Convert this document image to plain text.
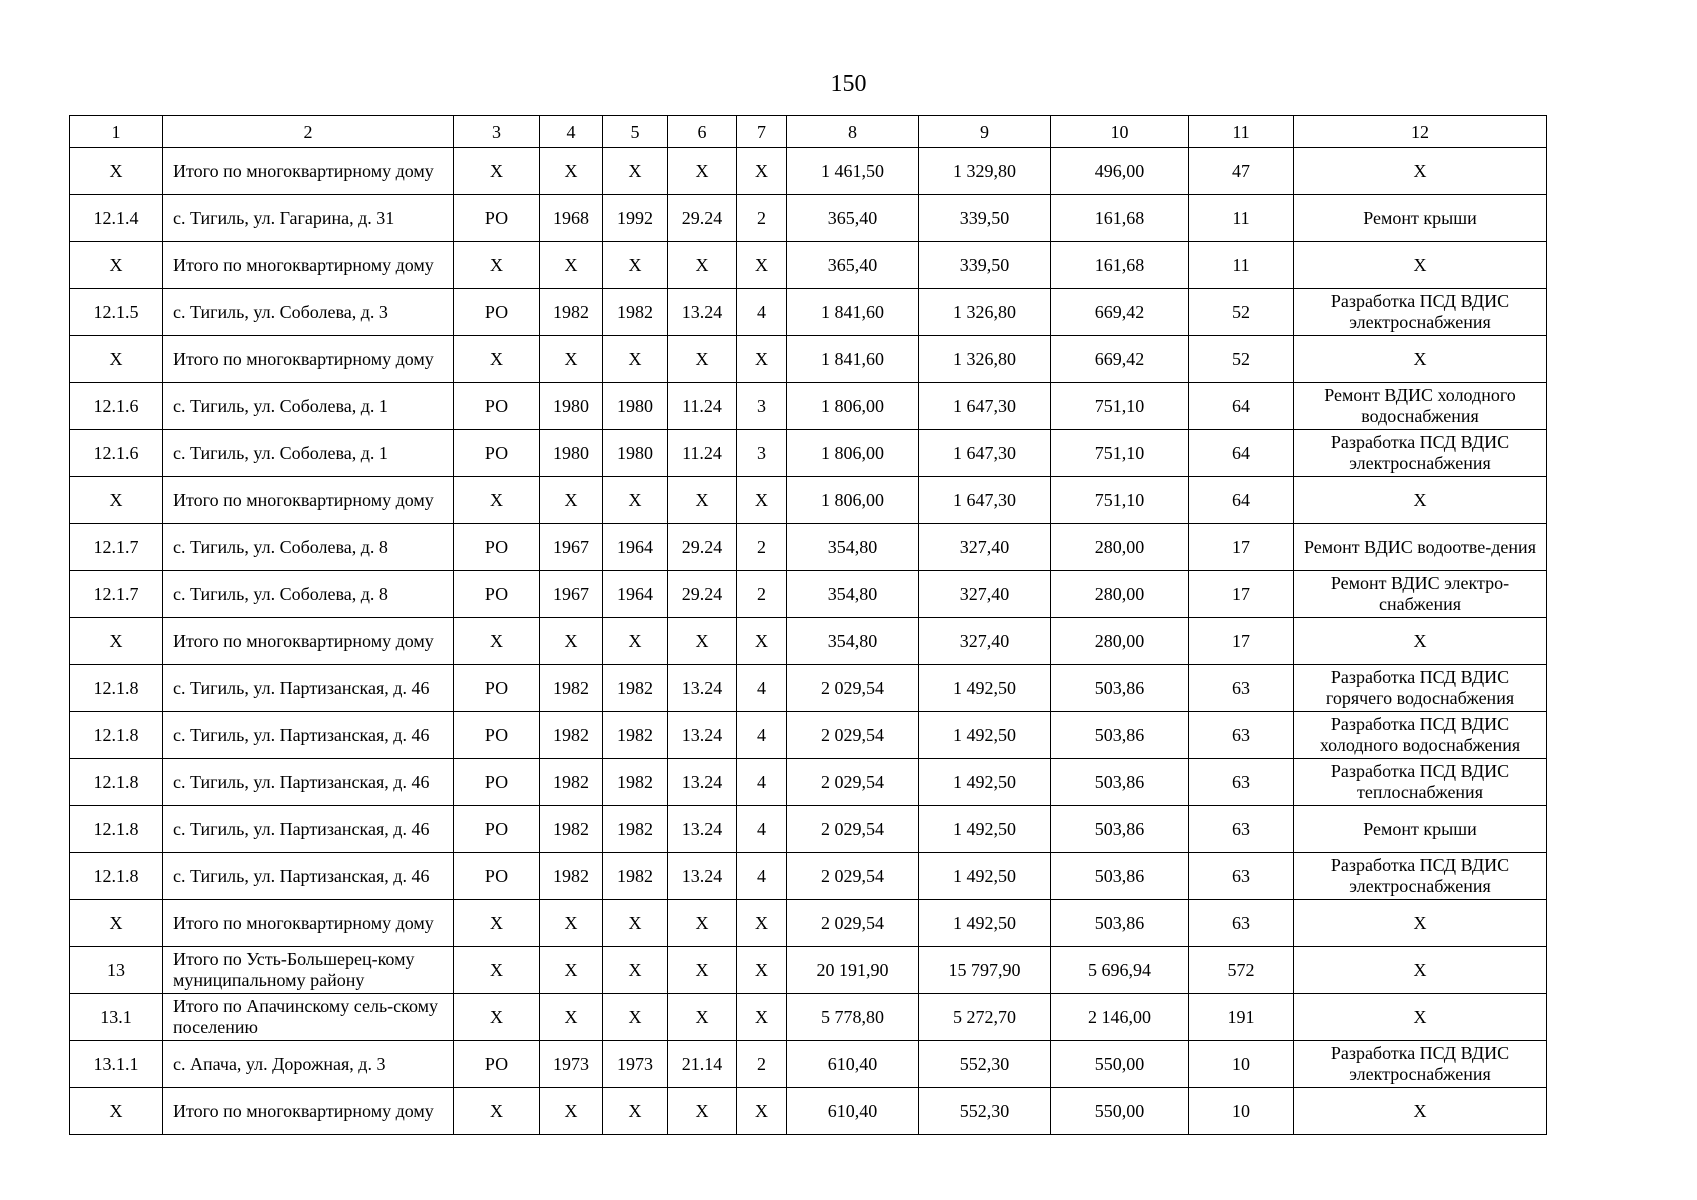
150
1	2	3	4	5	6	7	8	9	10	11	12
Х	Итого по многоквартирному дому	Х	Х	Х	Х	Х	1 461,50	1 329,80	496,00	47	Х
12.1.4	с. Тигиль, ул. Гагарина, д. 31	РО	1968	1992	29.24	2	365,40	339,50	161,68	11	Ремонт крыши
Х	Итого по многоквартирному дому	Х	Х	Х	Х	Х	365,40	339,50	161,68	11	Х
12.1.5	с. Тигиль, ул. Соболева, д. 3	РО	1982	1982	13.24	4	1 841,60	1 326,80	669,42	52	Разработка ПСД ВДИС электроснабжения
Х	Итого по многоквартирному дому	Х	Х	Х	Х	Х	1 841,60	1 326,80	669,42	52	Х
12.1.6	с. Тигиль, ул. Соболева, д. 1	РО	1980	1980	11.24	3	1 806,00	1 647,30	751,10	64	Ремонт ВДИС холодного водоснабжения
12.1.6	с. Тигиль, ул. Соболева, д. 1	РО	1980	1980	11.24	3	1 806,00	1 647,30	751,10	64	Разработка ПСД ВДИС электроснабжения
Х	Итого по многоквартирному дому	Х	Х	Х	Х	Х	1 806,00	1 647,30	751,10	64	Х
12.1.7	с. Тигиль, ул. Соболева, д. 8	РО	1967	1964	29.24	2	354,80	327,40	280,00	17	Ремонт ВДИС водоотве-дения
12.1.7	с. Тигиль, ул. Соболева, д. 8	РО	1967	1964	29.24	2	354,80	327,40	280,00	17	Ремонт ВДИС электро-снабжения
Х	Итого по многоквартирному дому	Х	Х	Х	Х	Х	354,80	327,40	280,00	17	Х
12.1.8	с. Тигиль, ул. Партизанская, д. 46	РО	1982	1982	13.24	4	2 029,54	1 492,50	503,86	63	Разработка ПСД ВДИС горячего водоснабжения
12.1.8	с. Тигиль, ул. Партизанская, д. 46	РО	1982	1982	13.24	4	2 029,54	1 492,50	503,86	63	Разработка ПСД ВДИС холодного водоснабжения
12.1.8	с. Тигиль, ул. Партизанская, д. 46	РО	1982	1982	13.24	4	2 029,54	1 492,50	503,86	63	Разработка ПСД ВДИС теплоснабжения
12.1.8	с. Тигиль, ул. Партизанская, д. 46	РО	1982	1982	13.24	4	2 029,54	1 492,50	503,86	63	Ремонт крыши
12.1.8	с. Тигиль, ул. Партизанская, д. 46	РО	1982	1982	13.24	4	2 029,54	1 492,50	503,86	63	Разработка ПСД ВДИС электроснабжения
Х	Итого по многоквартирному дому	Х	Х	Х	Х	Х	2 029,54	1 492,50	503,86	63	Х
13	Итого по Усть-Большерец-кому муниципальному району	Х	Х	Х	Х	Х	20 191,90	15 797,90	5 696,94	572	Х
13.1	Итого по Апачинскому сель-скому поселению	Х	Х	Х	Х	Х	5 778,80	5 272,70	2 146,00	191	Х
13.1.1	с. Апача, ул. Дорожная, д. 3	РО	1973	1973	21.14	2	610,40	552,30	550,00	10	Разработка ПСД ВДИС электроснабжения
Х	Итого по многоквартирному дому	Х	Х	Х	Х	Х	610,40	552,30	550,00	10	Х
